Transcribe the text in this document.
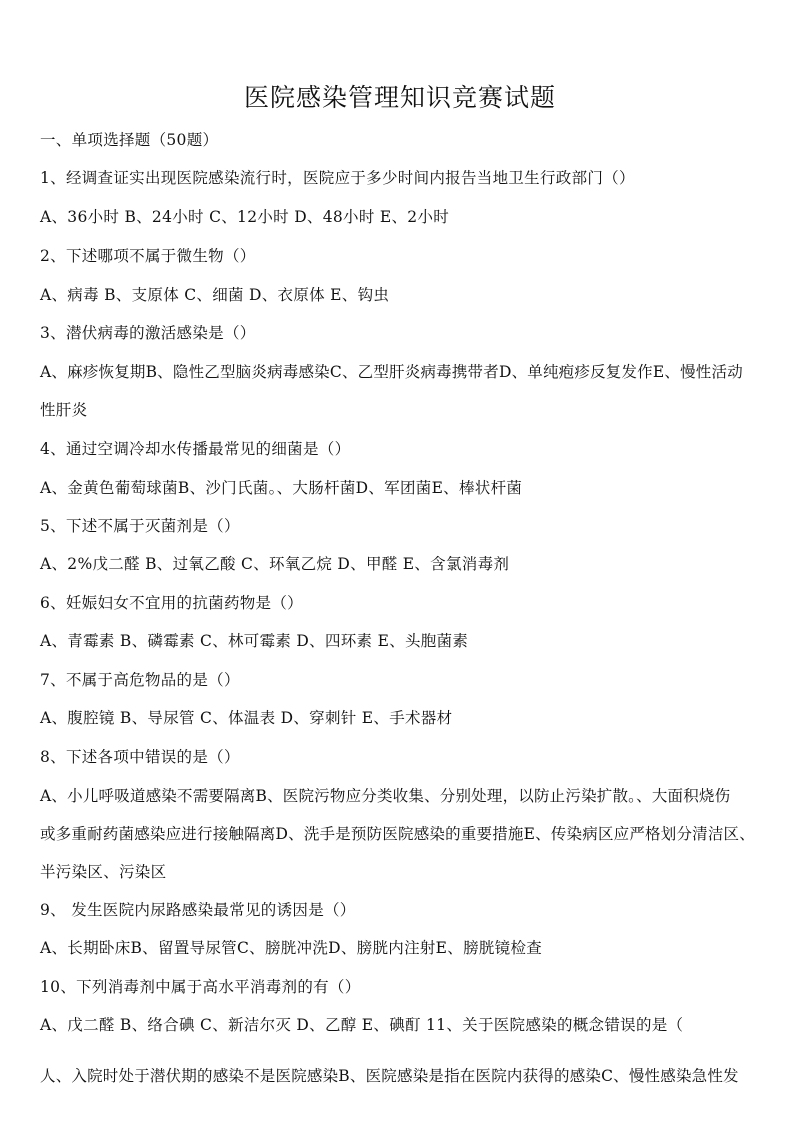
医院感染管理知识竞赛试题
一、单项选择题（50题）
1、经调查证实出现医院感染流行时，医院应于多少时间内报告当地卫生行政部门（）
A、36小时 B、24小时 C、12小时 D、48小时 E、2小时
2、下述哪项不属于微生物（）
A、病毒 B、支原体 C、细菌 D、衣原体 E、钩虫
3、潜伏病毒的激活感染是（）
A、麻疹恢复期B、隐性乙型脑炎病毒感染C、乙型肝炎病毒携带者D、单纯疱疹反复发作E、慢性活动
性肝炎
4、通过空调冷却水传播最常见的细菌是（）
A、金黄色葡萄球菌B、沙门氏菌。、大肠杆菌D、军团菌E、棒状杆菌
5、下述不属于灭菌剂是（）
A、2%戊二醛 B、过氧乙酸 C、环氧乙烷 D、甲醛 E、含氯消毒剂
6、妊娠妇女不宜用的抗菌药物是（）
A、青霉素 B、磷霉素 C、林可霉素 D、四环素 E、头胞菌素
7、不属于高危物品的是（）
A、腹腔镜 B、导尿管 C、体温表 D、穿刺针 E、手术器材
8、下述各项中错误的是（）
A、小儿呼吸道感染不需要隔离B、医院污物应分类收集、分别处理，以防止污染扩散。、大面积烧伤
或多重耐药菌感染应进行接触隔离D、洗手是预防医院感染的重要措施E、传染病区应严格划分清洁区、
半污染区、污染区
9、 发生医院内尿路感染最常见的诱因是（）
A、长期卧床B、留置导尿管C、膀胱冲洗D、膀胱内注射E、膀胱镜检查
10、下列消毒剂中属于高水平消毒剂的有（）
A、戊二醛 B、络合碘 C、新洁尔灭 D、乙醇 E、碘酊 11、关于医院感染的概念错误的是（
人、入院时处于潜伏期的感染不是医院感染B、医院感染是指在医院内获得的感染C、慢性感染急性发
